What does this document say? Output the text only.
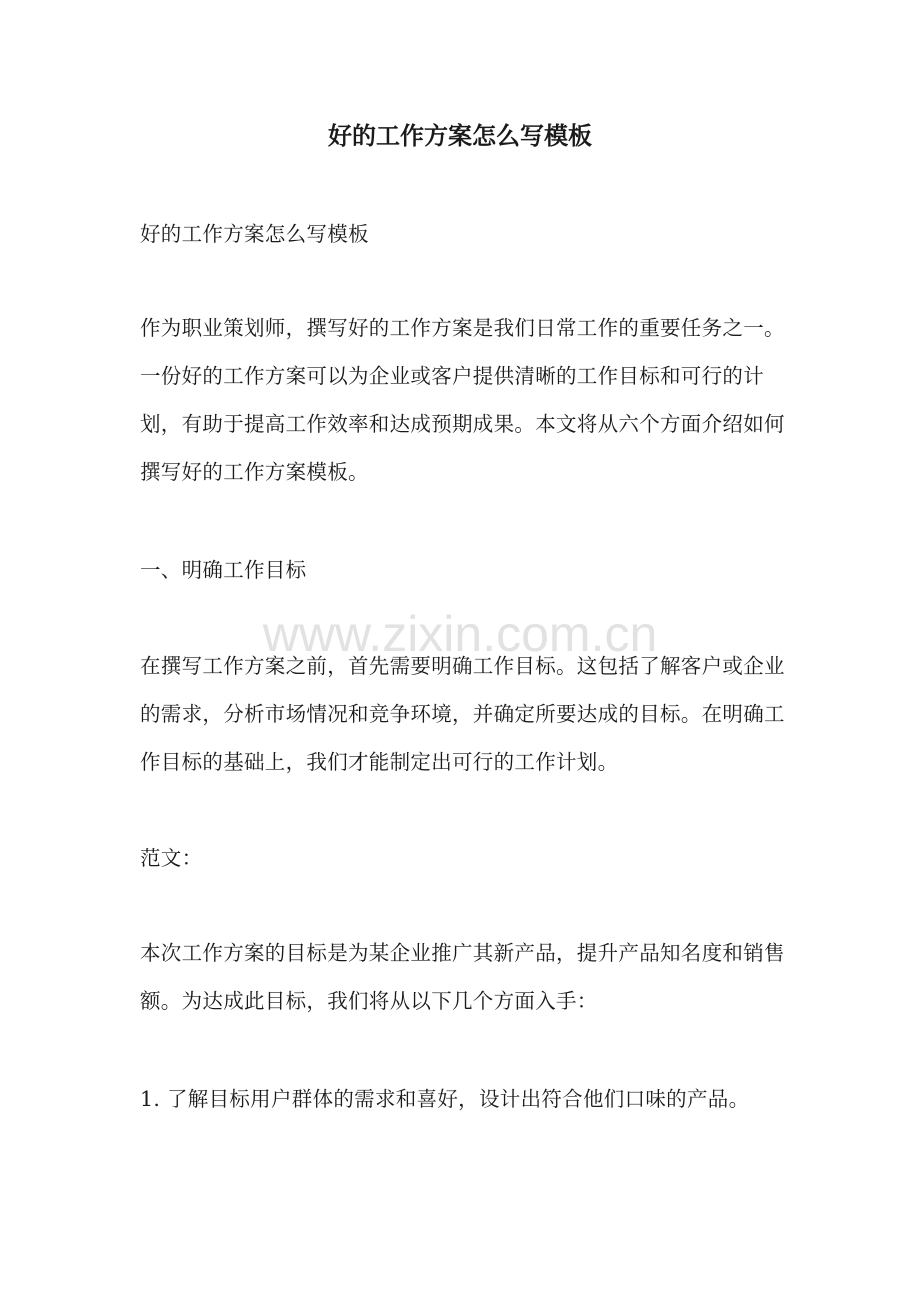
好的工作方案怎么写模板

好的工作方案怎么写模板

作为职业策划师，撰写好的工作方案是我们日常工作的重要任务之一。一份好的工作方案可以为企业或客户提供清晰的工作目标和可行的计划，有助于提高工作效率和达成预期成果。本文将从六个方面介绍如何撰写好的工作方案模板。

一、明确工作目标

在撰写工作方案之前，首先需要明确工作目标。这包括了解客户或企业的需求，分析市场情况和竞争环境，并确定所要达成的目标。在明确工作目标的基础上，我们才能制定出可行的工作计划。

范文：

本次工作方案的目标是为某企业推广其新产品，提升产品知名度和销售额。为达成此目标，我们将从以下几个方面入手：

1. 了解目标用户群体的需求和喜好，设计出符合他们口味的产品。

www.zixin.com.cn
